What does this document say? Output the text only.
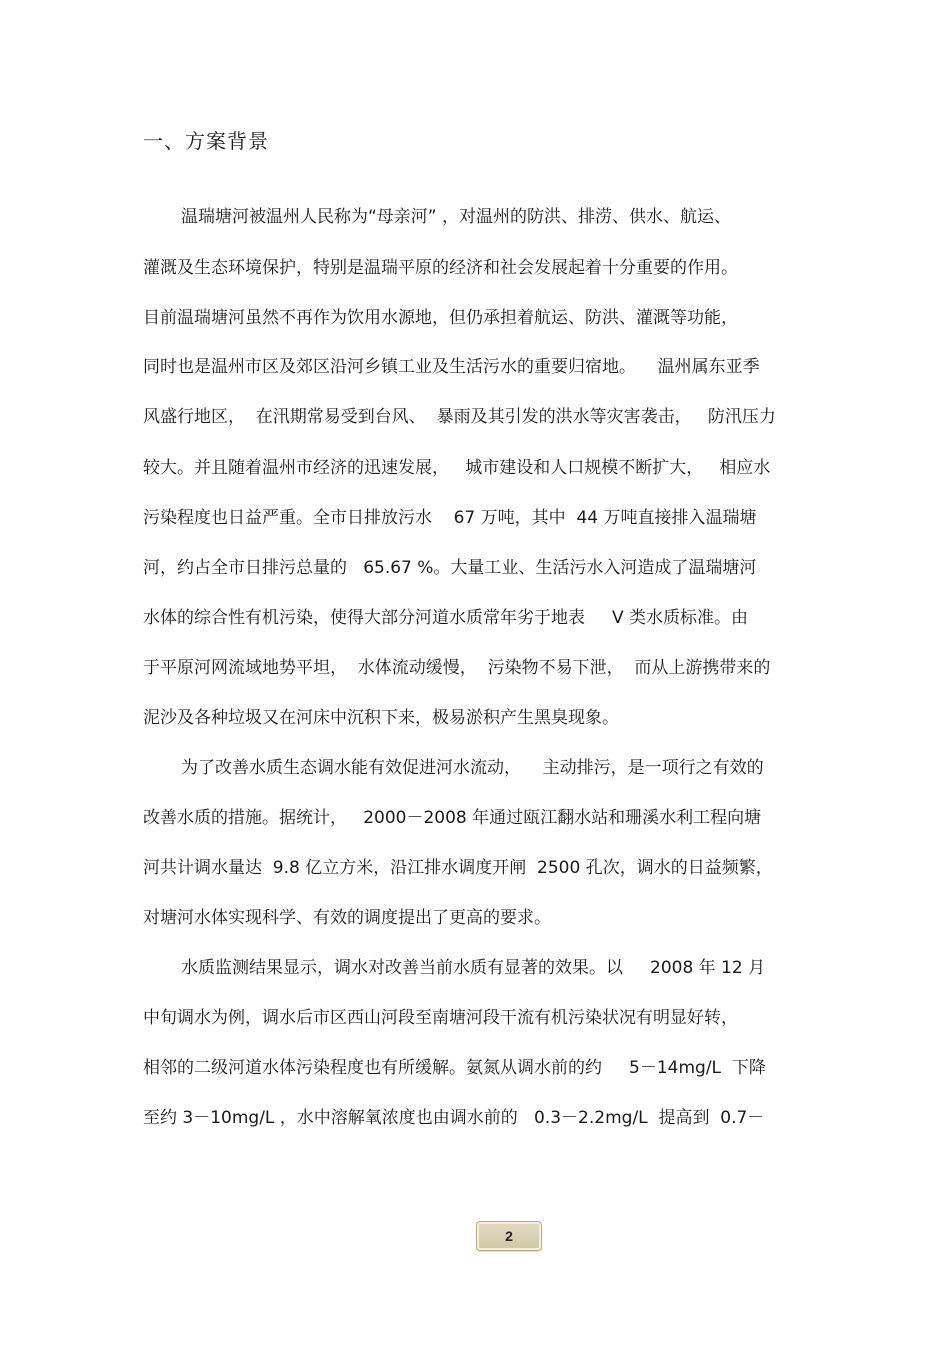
一、方案背景
温瑞塘河被温州人民称为“母亲河” ，对温州的防洪、排涝、供水、航运、
灌溉及生态环境保护，特别是温瑞平原的经济和社会发展起着十分重要的作用。
目前温瑞塘河虽然不再作为饮用水源地，但仍承担着航运、防洪、灌溉等功能，
同时也是温州市区及郊区沿河乡镇工业及生活污水的重要归宿地。    温州属东亚季
风盛行地区，  在汛期常易受到台风、  暴雨及其引发的洪水等灾害袭击，   防汛压力
较大。并且随着温州市经济的迅速发展，   城市建设和人口规模不断扩大，   相应水
污染程度也日益严重。全市日排放污水    67 万吨，其中  44 万吨直接排入温瑞塘
河，约占全市日排污总量的   65.67 %。大量工业、生活污水入河造成了温瑞塘河
水体的综合性有机污染，使得大部分河道水质常年劣于地表     V 类水质标准。由
于平原河网流域地势平坦，  水体流动缓慢，  污染物不易下泄，  而从上游携带来的
泥沙及各种垃圾又在河床中沉积下来，极易淤积产生黑臭现象。
为了改善水质生态调水能有效促进河水流动，    主动排污，是一项行之有效的
改善水质的措施。据统计，   2000－2008 年通过瓯江翻水站和珊溪水利工程向塘
河共计调水量达  9.8 亿立方米，沿江排水调度开闸  2500 孔次，调水的日益频繁，
对塘河水体实现科学、有效的调度提出了更高的要求。
水质监测结果显示，调水对改善当前水质有显著的效果。以     2008 年 12 月
中旬调水为例，调水后市区西山河段至南塘河段干流有机污染状况有明显好转，
相邻的二级河道水体污染程度也有所缓解。氨氮从调水前的约     5－14mg/L  下降
至约 3－10mg/L ，水中溶解氧浓度也由调水前的   0.3－2.2mg/L  提高到  0.7－
2
